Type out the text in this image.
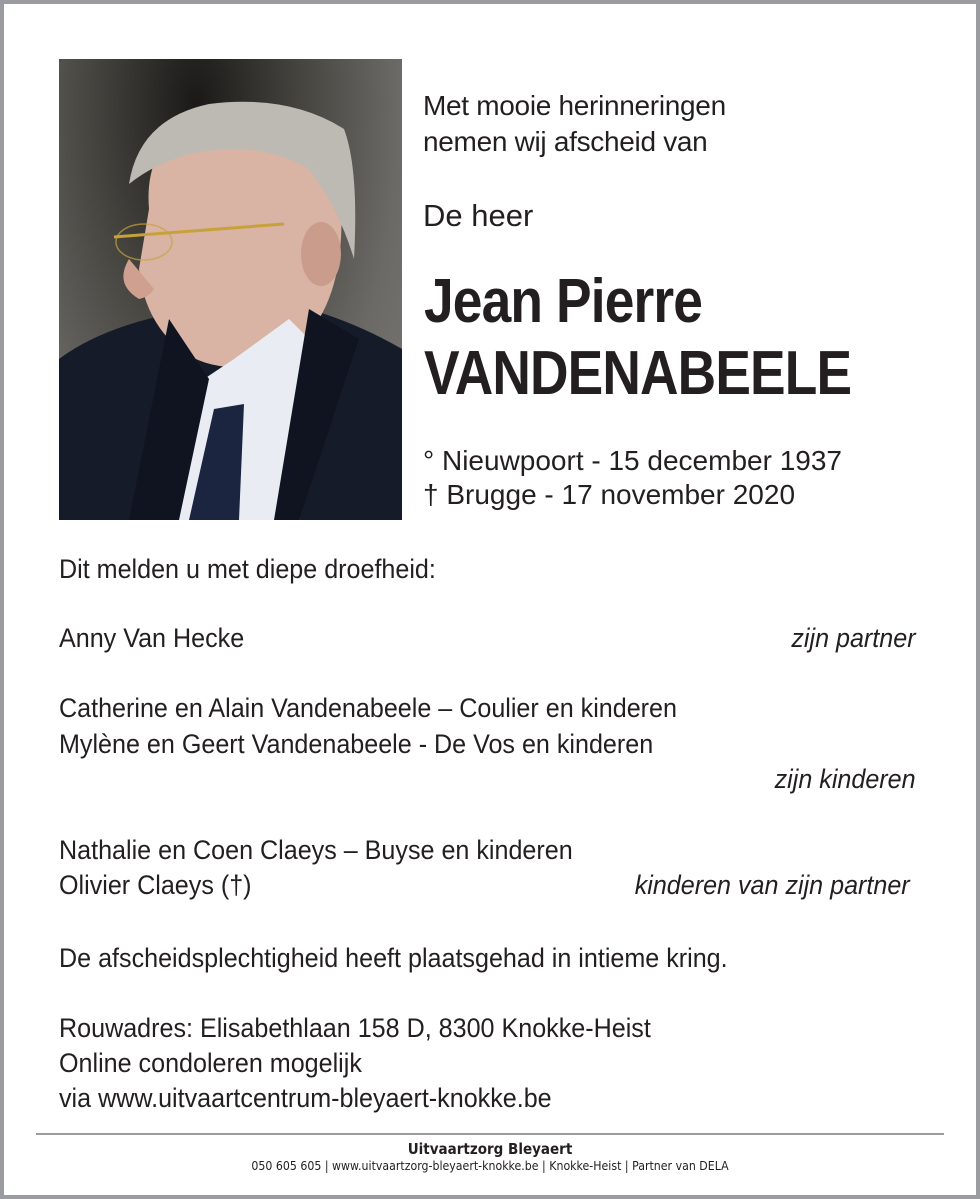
Met mooie herinneringen
nemen wij afscheid van
De heer
Jean Pierre
VANDENABEELE
° Nieuwpoort - 15 december 1937
† Brugge - 17 november 2020
Dit melden u met diepe droefheid:
Anny Van Hecke	zijn partner
Catherine en Alain Vandenabeele – Coulier en kinderen
Mylène en Geert Vandenabeele - De Vos en kinderen
zijn kinderen
Nathalie en Coen Claeys – Buyse en kinderen
Olivier Claeys (†)	kinderen van zijn partner
De afscheidsplechtigheid heeft plaatsgehad in intieme kring.
Rouwadres: Elisabethlaan 158 D, 8300 Knokke-Heist
Online condoleren mogelijk
via www.uitvaartcentrum-bleyaert-knokke.be
Uitvaartzorg Bleyaert
050 605 605 | www.uitvaartzorg-bleyaert-knokke.be | Knokke-Heist | Partner van DELA
